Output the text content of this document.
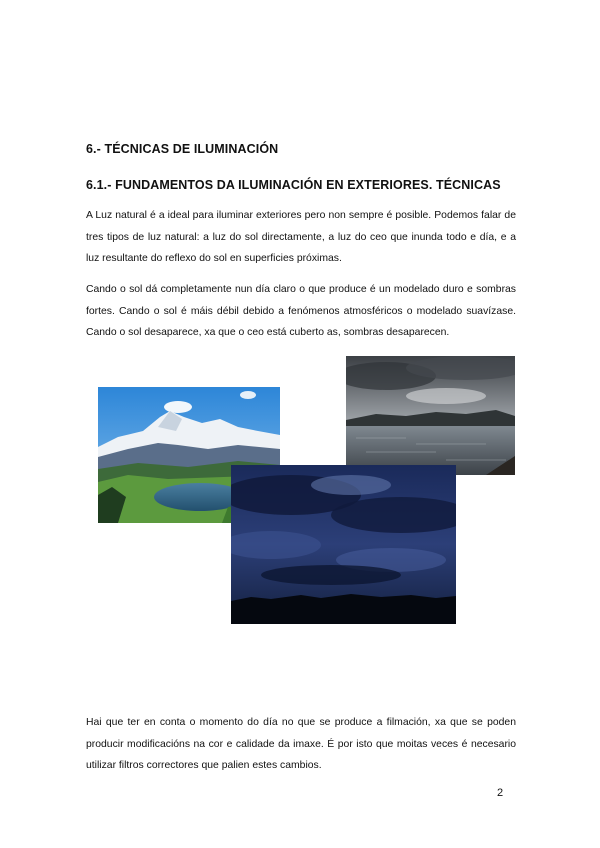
6.- TÉCNICAS DE ILUMINACIÓN
6.1.- FUNDAMENTOS DA ILUMINACIÓN EN EXTERIORES. TÉCNICAS

A Luz natural é a ideal para iluminar exteriores pero non sempre é posible. Podemos falar de tres tipos de luz natural: a luz do sol directamente, a luz do ceo que inunda todo e día, e a luz resultante do reflexo do sol en superficies próximas.

Cando o sol dá completamente nun día claro o que produce é un modelado duro e sombras fortes. Cando o sol é máis débil debido a fenómenos atmosféricos o modelado suavízase. Cando o sol desaparece, xa que o ceo está cuberto as, sombras desaparecen.

Hai que ter en conta o momento do día no que se produce a filmación, xa que se poden producir modificacións na cor e calidade da imaxe. É por isto que moitas veces é necesario utilizar filtros correctores que palien estes cambios.

2
